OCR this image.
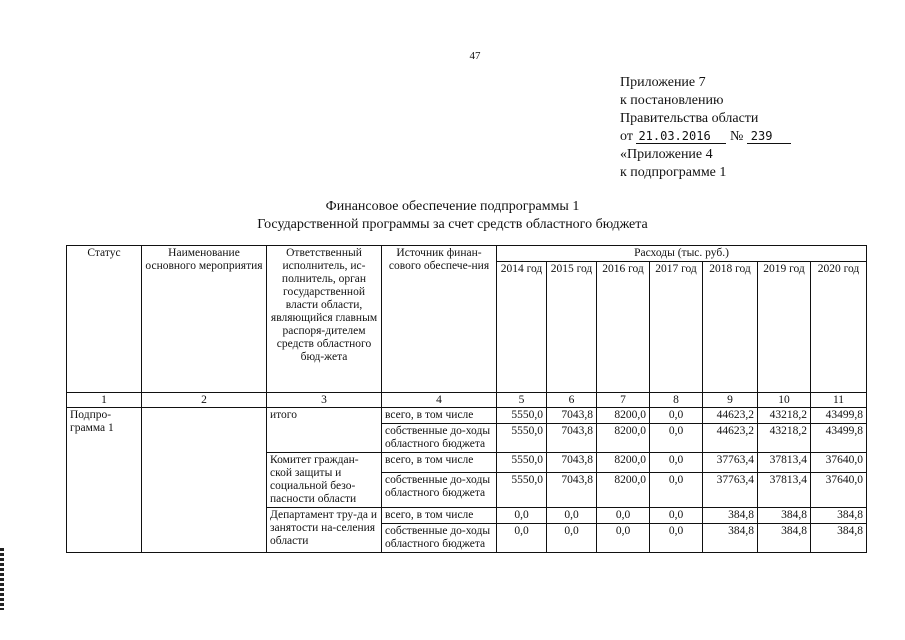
47
Приложение 7
к постановлению
Правительства области
от 21.03.2016 № 239
«Приложение 4
к подпрограмме 1
Финансовое обеспечение подпрограммы 1
Государственной программы за счет средств областного бюджета
Статус	Наименование основного мероприятия	Ответственный исполнитель, ис-полнитель, орган государственной власти области, являющийся главным распоря-дителем средств областного бюд-жета	Источник финан-сового обеспече-ния	Расходы (тыс. руб.)						
				2014 год	2015 год	2016 год	2017 год	2018 год	2019 год	2020 год
1	2	3	4	5	6	7	8	9	10	11
Подпро-грамма 1		итого	всего, в том числе	5550,0	7043,8	8200,0	0,0	44623,2	43218,2	43499,8
			собственные до-ходы областного бюджета	5550,0	7043,8	8200,0	0,0	44623,2	43218,2	43499,8
		Комитет граждан-ской защиты и социальной безо-пасности области	всего, в том числе	5550,0	7043,8	8200,0	0,0	37763,4	37813,4	37640,0
			собственные до-ходы областного бюджета	5550,0	7043,8	8200,0	0,0	37763,4	37813,4	37640,0
		Департамент тру-да и занятости на-селения области	всего, в том числе	0,0	0,0	0,0	0,0	384,8	384,8	384,8
			собственные до-ходы областного бюджета	0,0	0,0	0,0	0,0	384,8	384,8	384,8
